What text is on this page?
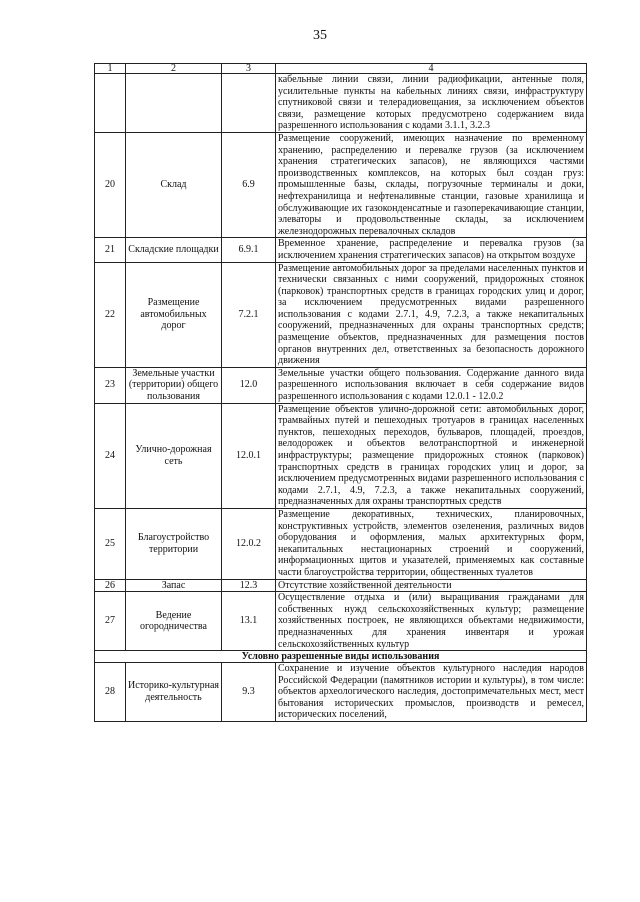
35
1	2	3	4
			кабельные линии связи, линии радиофикации, антенные поля, усилительные пункты на кабельных линиях связи, инфраструктуру спутниковой связи и телерадиовещания, за исключением объектов связи, размещение которых предусмотрено содержанием вида разрешенного использования с кодами 3.1.1, 3.2.3
20	Склад	6.9	Размещение сооружений, имеющих назначение по временному хранению, распределению и перевалке грузов (за исключением хранения стратегических запасов), не являющихся частями производственных комплексов, на которых был создан груз: промышленные базы, склады, погрузочные терминалы и доки, нефтехранилища и нефтеналивные станции, газовые хранилища и обслуживающие их газоконденсатные и газоперекачивающие станции, элеваторы и продовольственные склады, за исключением железнодорожных перевалочных складов
21	Складские площадки	6.9.1	Временное хранение, распределение и перевалка грузов (за исключением хранения стратегических запасов) на открытом воздухе
22	Размещение автомобильных дорог	7.2.1	Размещение автомобильных дорог за пределами населенных пунктов и технически связанных с ними сооружений, придорожных стоянок (парковок) транспортных средств в границах городских улиц и дорог, за исключением предусмотренных видами разрешенного использования с кодами 2.7.1, 4.9, 7.2.3, а также некапитальных сооружений, предназначенных для охраны транспортных средств; размещение объектов, предназначенных для размещения постов органов внутренних дел, ответственных за безопасность дорожного движения
23	Земельные участки (территории) общего пользования	12.0	Земельные участки общего пользования. Содержание данного вида разрешенного использования включает в себя содержание видов разрешенного использования с кодами 12.0.1 - 12.0.2
24	Улично-дорожная сеть	12.0.1	Размещение объектов улично-дорожной сети: автомобильных дорог, трамвайных путей и пешеходных тротуаров в границах населенных пунктов, пешеходных переходов, бульваров, площадей, проездов, велодорожек и объектов велотранспортной и инженерной инфраструктуры; размещение придорожных стоянок (парковок) транспортных средств в границах городских улиц и дорог, за исключением предусмотренных видами разрешенного использования с кодами 2.7.1, 4.9, 7.2.3, а также некапитальных сооружений, предназначенных для охраны транспортных средств
25	Благоустройство территории	12.0.2	Размещение декоративных, технических, планировочных, конструктивных устройств, элементов озеленения, различных видов оборудования и оформления, малых архитектурных форм, некапитальных нестационарных строений и сооружений, информационных щитов и указателей, применяемых как составные части благоустройства территории, общественных туалетов
26	Запас	12.3	Отсутствие хозяйственной деятельности
27	Ведение огородничества	13.1	Осуществление отдыха и (или) выращивания гражданами для собственных нужд сельскохозяйственных культур; размещение хозяйственных построек, не являющихся объектами недвижимости, предназначенных для хранения инвентаря и урожая сельскохозяйственных культур
Условно разрешенные виды использования			
28	Историко-культурная деятельность	9.3	Сохранение и изучение объектов культурного наследия народов Российской Федерации (памятников истории и культуры), в том числе: объектов археологического наследия, достопримечательных мест, мест бытования исторических промыслов, производств и ремесел, исторических поселений,
